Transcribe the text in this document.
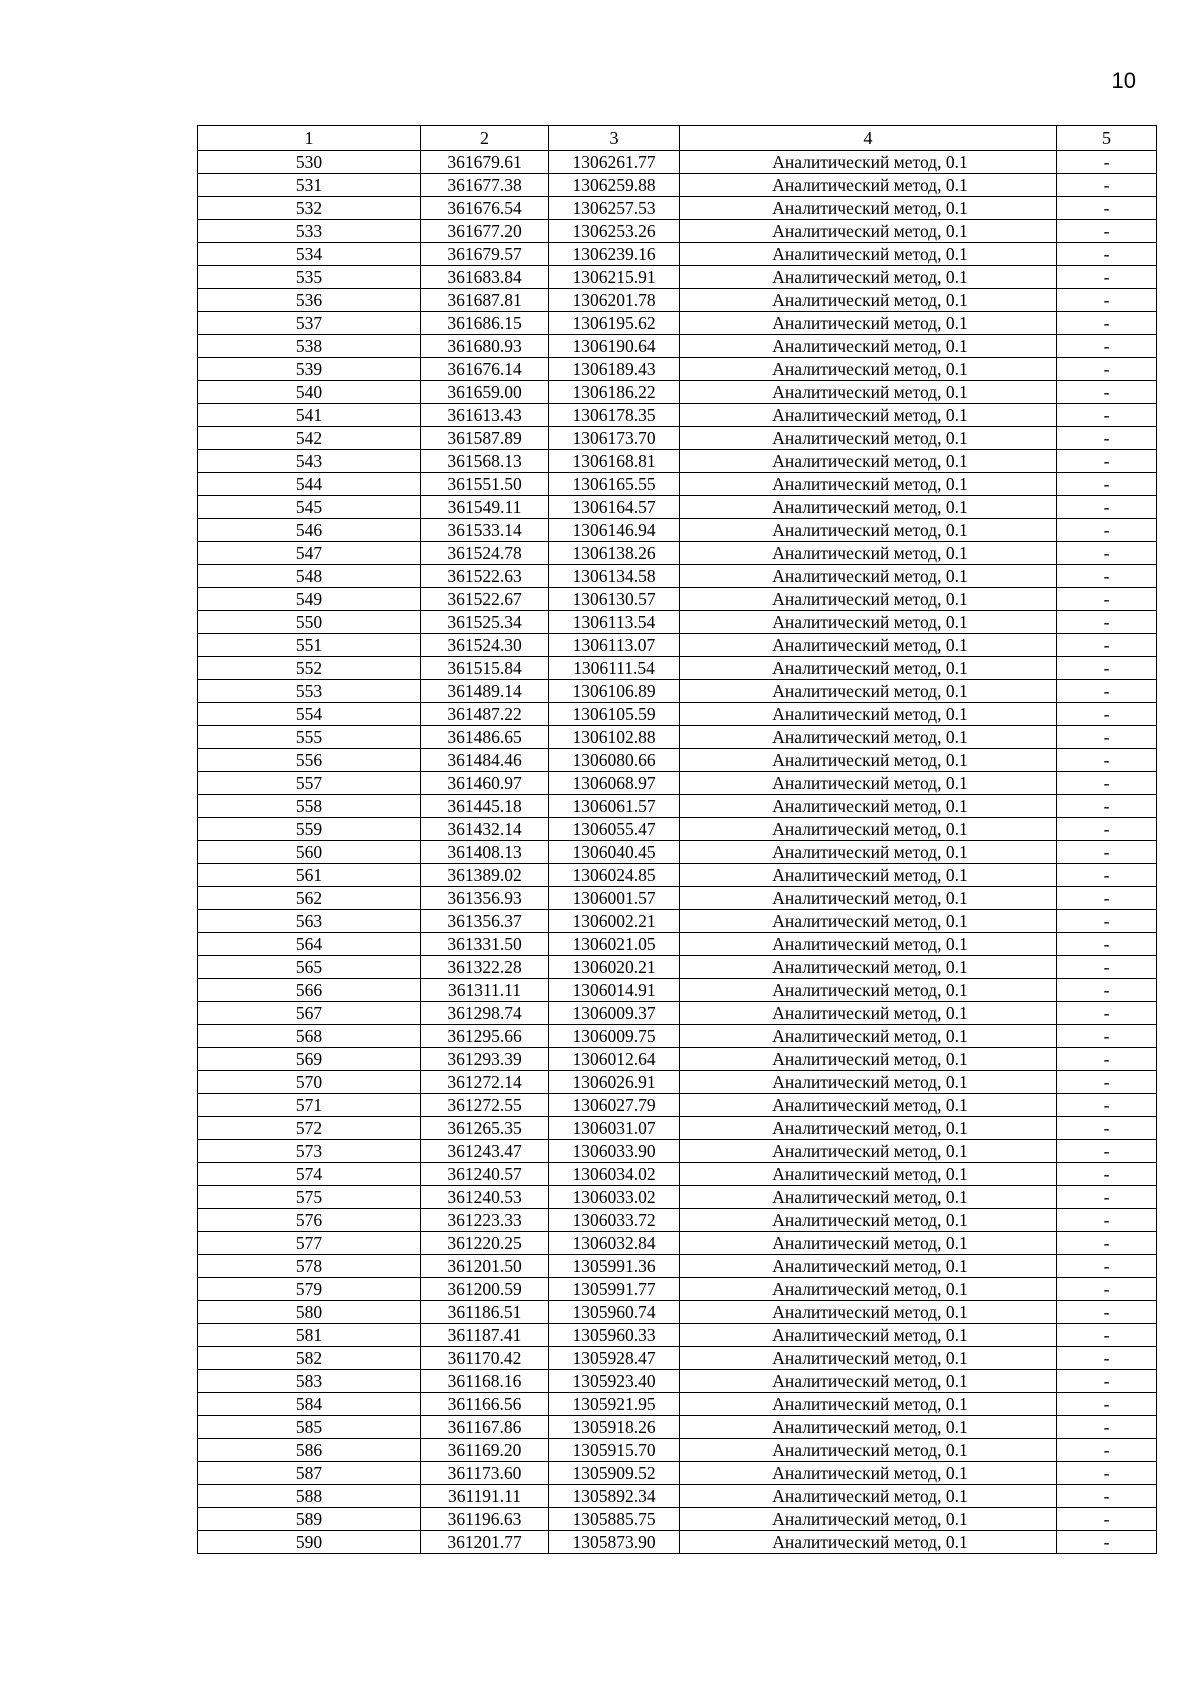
10
1	2	3	4	5
530	361679.61	1306261.77	Аналитический метод, 0.1	-
531	361677.38	1306259.88	Аналитический метод, 0.1	-
532	361676.54	1306257.53	Аналитический метод, 0.1	-
533	361677.20	1306253.26	Аналитический метод, 0.1	-
534	361679.57	1306239.16	Аналитический метод, 0.1	-
535	361683.84	1306215.91	Аналитический метод, 0.1	-
536	361687.81	1306201.78	Аналитический метод, 0.1	-
537	361686.15	1306195.62	Аналитический метод, 0.1	-
538	361680.93	1306190.64	Аналитический метод, 0.1	-
539	361676.14	1306189.43	Аналитический метод, 0.1	-
540	361659.00	1306186.22	Аналитический метод, 0.1	-
541	361613.43	1306178.35	Аналитический метод, 0.1	-
542	361587.89	1306173.70	Аналитический метод, 0.1	-
543	361568.13	1306168.81	Аналитический метод, 0.1	-
544	361551.50	1306165.55	Аналитический метод, 0.1	-
545	361549.11	1306164.57	Аналитический метод, 0.1	-
546	361533.14	1306146.94	Аналитический метод, 0.1	-
547	361524.78	1306138.26	Аналитический метод, 0.1	-
548	361522.63	1306134.58	Аналитический метод, 0.1	-
549	361522.67	1306130.57	Аналитический метод, 0.1	-
550	361525.34	1306113.54	Аналитический метод, 0.1	-
551	361524.30	1306113.07	Аналитический метод, 0.1	-
552	361515.84	1306111.54	Аналитический метод, 0.1	-
553	361489.14	1306106.89	Аналитический метод, 0.1	-
554	361487.22	1306105.59	Аналитический метод, 0.1	-
555	361486.65	1306102.88	Аналитический метод, 0.1	-
556	361484.46	1306080.66	Аналитический метод, 0.1	-
557	361460.97	1306068.97	Аналитический метод, 0.1	-
558	361445.18	1306061.57	Аналитический метод, 0.1	-
559	361432.14	1306055.47	Аналитический метод, 0.1	-
560	361408.13	1306040.45	Аналитический метод, 0.1	-
561	361389.02	1306024.85	Аналитический метод, 0.1	-
562	361356.93	1306001.57	Аналитический метод, 0.1	-
563	361356.37	1306002.21	Аналитический метод, 0.1	-
564	361331.50	1306021.05	Аналитический метод, 0.1	-
565	361322.28	1306020.21	Аналитический метод, 0.1	-
566	361311.11	1306014.91	Аналитический метод, 0.1	-
567	361298.74	1306009.37	Аналитический метод, 0.1	-
568	361295.66	1306009.75	Аналитический метод, 0.1	-
569	361293.39	1306012.64	Аналитический метод, 0.1	-
570	361272.14	1306026.91	Аналитический метод, 0.1	-
571	361272.55	1306027.79	Аналитический метод, 0.1	-
572	361265.35	1306031.07	Аналитический метод, 0.1	-
573	361243.47	1306033.90	Аналитический метод, 0.1	-
574	361240.57	1306034.02	Аналитический метод, 0.1	-
575	361240.53	1306033.02	Аналитический метод, 0.1	-
576	361223.33	1306033.72	Аналитический метод, 0.1	-
577	361220.25	1306032.84	Аналитический метод, 0.1	-
578	361201.50	1305991.36	Аналитический метод, 0.1	-
579	361200.59	1305991.77	Аналитический метод, 0.1	-
580	361186.51	1305960.74	Аналитический метод, 0.1	-
581	361187.41	1305960.33	Аналитический метод, 0.1	-
582	361170.42	1305928.47	Аналитический метод, 0.1	-
583	361168.16	1305923.40	Аналитический метод, 0.1	-
584	361166.56	1305921.95	Аналитический метод, 0.1	-
585	361167.86	1305918.26	Аналитический метод, 0.1	-
586	361169.20	1305915.70	Аналитический метод, 0.1	-
587	361173.60	1305909.52	Аналитический метод, 0.1	-
588	361191.11	1305892.34	Аналитический метод, 0.1	-
589	361196.63	1305885.75	Аналитический метод, 0.1	-
590	361201.77	1305873.90	Аналитический метод, 0.1	-
